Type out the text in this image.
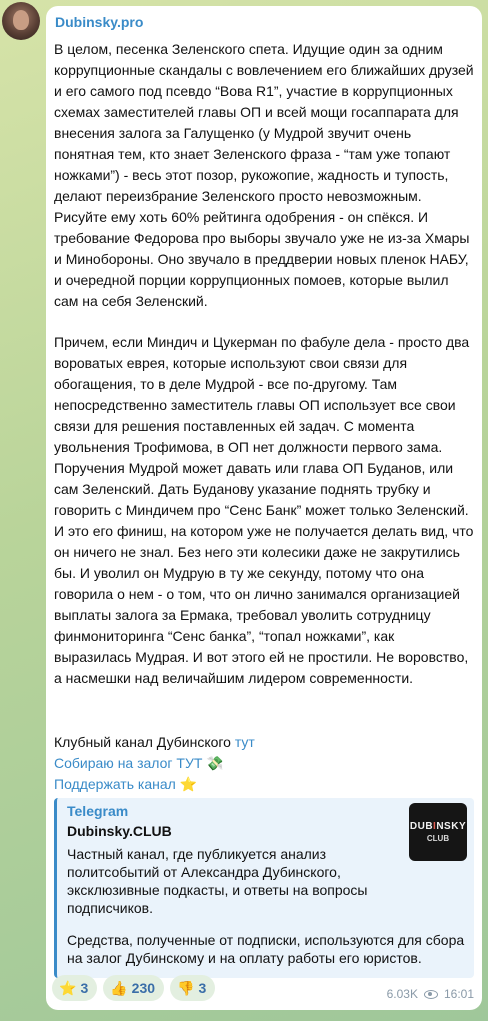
Dubinsky.pro
В целом, песенка Зеленского спета. Идущие один за одним коррупционные скандалы с вовлечением его ближайших друзей и его самого под псевдо “Вова R1”, участие в коррупционных схемах заместителей главы ОП и всей мощи госаппарата для внесения залога за Галущенко (у Мудрой звучит очень понятная тем, кто знает Зеленского фраза - “там уже топают ножками”) - весь этот позор, рукожопие, жадность и тупость, делают переизбрание Зеленского просто невозможным. Рисуйте ему хоть 60% рейтинга одобрения - он спёкся. И требование Федорова про выборы звучало уже не из-за Хмары и Минобороны. Оно звучало в преддверии новых пленок НАБУ, и очередной порции коррупционных помоев, которые вылил сам на себя Зеленский.
Причем, если Миндич и Цукерман по фабуле дела - просто два вороватых еврея, которые используют свои связи для обогащения, то в деле Мудрой - все по-другому. Там непосредственно заместитель главы ОП использует все свои связи для решения поставленных ей задач. С момента увольнения Трофимова, в ОП нет должности первого зама. Поручения Мудрой может давать или глава ОП Буданов, или сам Зеленский. Дать Буданову указание поднять трубку и говорить с Миндичем про “Сенс Банк” может только Зеленский. И это его финиш, на котором уже не получается делать вид, что он ничего не знал. Без него эти колесики даже не закрутились бы. И уволил он Мудрую в ту же секунду, потому что она говорила о нем - о том, что он лично занимался организацией выплаты залога за Ермака, требовал уволить сотрудницу финмониторинга “Сенс банка”, “топал ножками”, как выразилась Мудрая. И вот этого ей не простили. Не воровство, а насмешки над величайшим лидером современности.
Клубный канал Дубинского тут
Собираю на залог ТУТ 💸
Поддержать канал ⭐
Telegram
Dubinsky.CLUB
Частный канал, где публикуется анализ политсобытий от Александра Дубинского, эксклюзивные подкасты, и ответы на вопросы подписчиков.
Средства, полученные от подписки, используются для сбора на залог Дубинскому и на оплату работы его юристов.
DUBINSKY
CLUB
⭐ 3 👍 230 👎 3	6.03K 16:01
